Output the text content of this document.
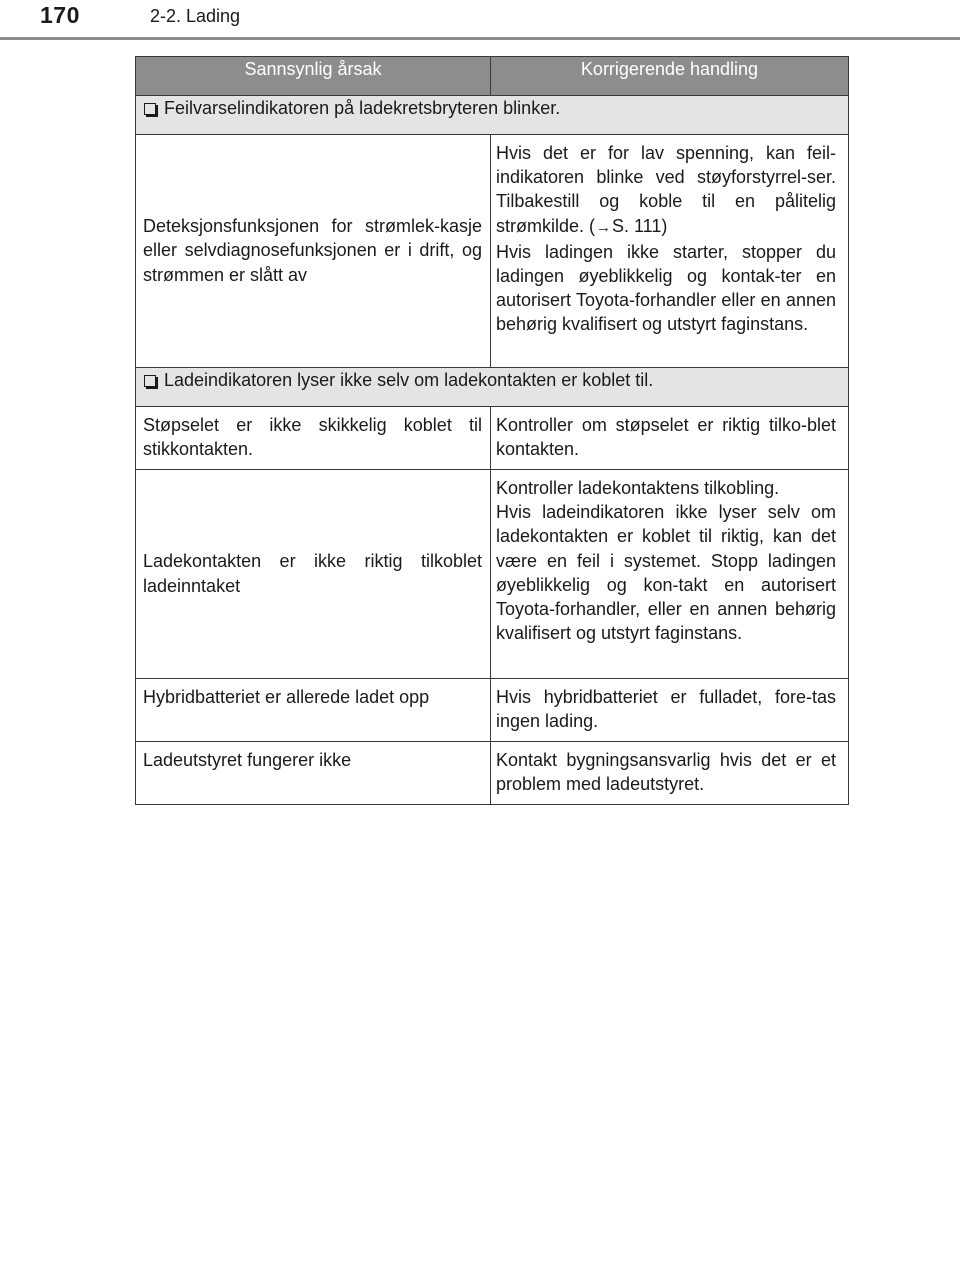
170	2-2. Lading
Sannsynlig årsak	Korrigerende handling
Feilvarselindikatoren på ladekretsbryteren blinker.	
Deteksjonsfunksjonen for strømlek-kasje eller selvdiagnosefunksjonen er i drift, og strømmen er slått av	Hvis det er for lav spenning, kan feil-indikatoren blinke ved støyforstyrrel-ser. Tilbakestill og koble til en pålitelig strømkilde. (→S. 111)
Hvis ladingen ikke starter, stopper du ladingen øyeblikkelig og kontak-ter en autorisert Toyota-forhandler eller en annen behørig kvalifisert og utstyrt faginstans.
Ladeindikatoren lyser ikke selv om ladekontakten er koblet til.	
Støpselet er ikke skikkelig koblet til stikkontakten.	Kontroller om støpselet er riktig tilko-blet kontakten.
Ladekontakten er ikke riktig tilkoblet ladeinntaket	Kontroller ladekontaktens tilkobling.
Hvis ladeindikatoren ikke lyser selv om ladekontakten er koblet til riktig, kan det være en feil i systemet. Stopp ladingen øyeblikkelig og kon-takt en autorisert Toyota-forhandler, eller en annen behørig kvalifisert og utstyrt faginstans.
Hybridbatteriet er allerede ladet opp	Hvis hybridbatteriet er fulladet, fore-tas ingen lading.
Ladeutstyret fungerer ikke	Kontakt bygningsansvarlig hvis det er et problem med ladeutstyret.
